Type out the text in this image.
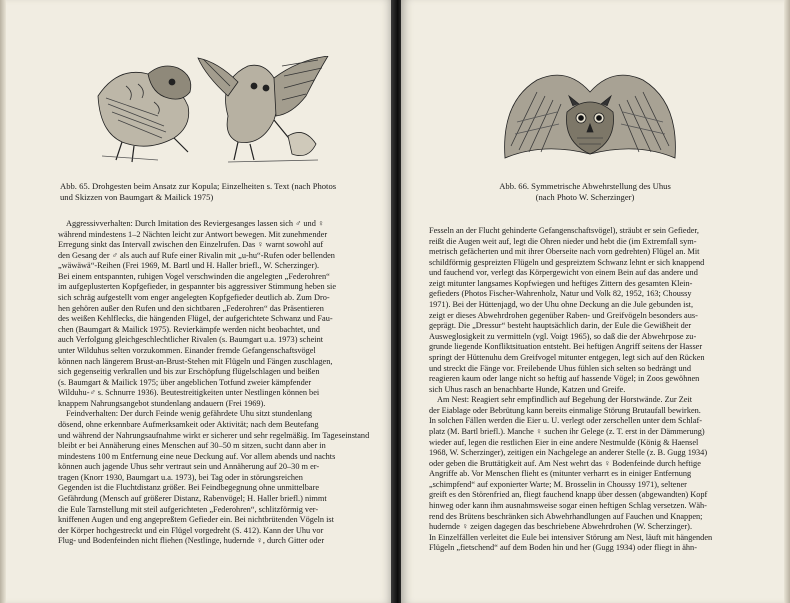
Abb. 65. Drohgesten beim Ansatz zur Kopula; Einzelheiten s. Text (nach Photos
und Skizzen von Baumgart & Mailick 1975)
Aggressivverhalten: Durch Imitation des Reviergesanges lassen sich ♂ und ♀
während mindestens 1–2 Nächten leicht zur Antwort bewegen. Mit zunehmender
Erregung sinkt das Intervall zwischen den Einzelrufen. Das ♀ warnt sowohl auf
den Gesang der ♂ als auch auf Rufe einer Rivalin mit „u-hu“-Rufen oder bellenden
„wäwäwä“-Reihen (Frei 1969, M. Bartl und H. Haller briefl., W. Scherzinger).
Bei einem entspannten, ruhigen Vogel verschwinden die angelegten „Federohren“
im aufgeplusterten Kopfgefieder, in gespannter bis aggressiver Stimmung heben sie
sich schräg aufgestellt vom enger angelegten Kopfgefieder deutlich ab. Zum Dro-
hen gehören außer den Rufen und den sichtbaren „Federohren“ das Präsentieren
des weißen Kehlflecks, die hängenden Flügel, der aufgerichtete Schwanz und Fau-
chen (Baumgart & Mailick 1975). Revierkämpfe werden nicht beobachtet, und
auch Verfolgung gleichgeschlechtlicher Rivalen (s. Baumgart u.a. 1973) scheint
unter Wilduhus selten vorzukommen. Einander fremde Gefangenschaftsvögel
können nach längerem Brust-an-Brust-Stehen mit Flügeln und Fängen zuschlagen,
sich gegenseitig verkrallen und bis zur Erschöpfung flügelschlagen und beißen
(s. Baumgart & Mailick 1975; über angeblichen Totfund zweier kämpfender
Wilduhu-♂ s. Schnurre 1936). Beutestreitigkeiten unter Nestlingen können bei
knappem Nahrungsangebot stundenlang andauern (Frei 1969).
Feindverhalten: Der durch Feinde wenig gefährdete Uhu sitzt stundenlang
dösend, ohne erkennbare Aufmerksamkeit oder Aktivität; nach dem Beutefang
und während der Nahrungsaufnahme wirkt er sicherer und sehr regelmäßig. Im Tageseinstand
bleibt er bei Annäherung eines Menschen auf 30–50 m sitzen, sucht dann aber in
mindestens 100 m Entfernung eine neue Deckung auf. Vor allem abends und nachts
können auch jagende Uhus sehr vertraut sein und Annäherung auf 20–30 m er-
tragen (Knorr 1930, Baumgart u.a. 1973), bei Tag oder in störungsreichen
Gegenden ist die Fluchtdistanz größer. Bei Feindbegegnung ohne unmittelbare
Gefährdung (Mensch auf größerer Distanz, Rabenvögel; H. Haller briefl.) nimmt
die Eule Tarnstellung mit steil aufgerichteten „Federohren“, schlitzförmig ver-
kniffenen Augen und eng angepreßtem Gefieder ein. Bei nichtbrütenden Vögeln ist
der Körper hochgestreckt und ein Flügel vorgedreht (S. 412). Kann der Uhu vor
Flug- und Bodenfeinden nicht fliehen (Nestlinge, hudernde ♀, durch Gitter oder
Abb. 66. Symmetrische Abwehrstellung des Uhus
(nach Photo W. Scherzinger)
Fesseln an der Flucht gehinderte Gefangenschaftsvögel), sträubt er sein Gefieder,
reißt die Augen weit auf, legt die Ohren nieder und hebt die (im Extremfall sym-
metrisch gefächerten und mit ihrer Oberseite nach vorn gedrehten) Flügel an. Mit
schildförmig gespreizten Flügeln und gespreiztem Schwanz lehnt er sich knappend
und fauchend vor, verlegt das Körpergewicht von einem Bein auf das andere und
zeigt mitunter langsames Kopfwiegen und heftiges Zittern des gesamten Klein-
gefieders (Photos Fischer-Wahrenholz, Natur und Volk 82, 1952, 163; Choussy
1971). Bei der Hüttenjagd, wo der Uhu ohne Deckung an die Jule gebunden ist,
zeigt er dieses Abwehrdrohen gegenüber Raben- und Greifvögeln besonders aus-
geprägt. Die „Dressur“ besteht hauptsächlich darin, der Eule die Gewißheit der
Ausweglosigkeit zu vermitteln (vgl. Voigt 1965), so daß die der Abwehrpose zu-
grunde liegende Konfliktsituation entsteht. Bei heftigen Angriff seitens der Hasser
springt der Hüttenuhu dem Greifvogel mitunter entgegen, legt sich auf den Rücken
und streckt die Fänge vor. Freilebende Uhus fühlen sich selten so bedrängt und
reagieren kaum oder lange nicht so heftig auf hassende Vögel; in Zoos gewöhnen
sich Uhus rasch an benachbarte Hunde, Katzen und Greife.
Am Nest: Reagiert sehr empfindlich auf Begehung der Horstwände. Zur Zeit
der Eiablage oder Bebrütung kann bereits einmalige Störung Brutaufall bewirken.
In solchen Fällen werden die Eier u. U. verlegt oder zerschellen unter dem Schlaf-
platz (M. Bartl briefl.). Manche ♀ suchen ihr Gelege (z. T. erst in der Dämmerung)
wieder auf, legen die restlichen Eier in eine andere Nestmulde (König & Haensel
1968, W. Scherzinger), zeitigen ein Nachgelege an anderer Stelle (z. B. Gugg 1934)
oder geben die Bruttätigkeit auf. Am Nest wehrt das ♀ Bodenfeinde durch heftige
Angriffe ab. Vor Menschen flieht es (mitunter verharrt es in einiger Entfernung
„schimpfend“ auf exponierter Warte; M. Brosselin in Choussy 1971), seltener
greift es den Störenfried an, fliegt fauchend knapp über dessen (abgewandten) Kopf
hinweg oder kann ihm ausnahmsweise sogar einen heftigen Schlag versetzen. Wäh-
rend des Brütens beschränken sich Abwehrhandlungen auf Fauchen und Knappen;
hudernde ♀ zeigen dagegen das beschriebene Abwehrdrohen (W. Scherzinger).
In Einzelfällen verleitet die Eule bei intensiver Störung am Nest, läuft mit hängenden
Flügeln „fietschend“ auf dem Boden hin und her (Gugg 1934) oder fliegt in ähn-
